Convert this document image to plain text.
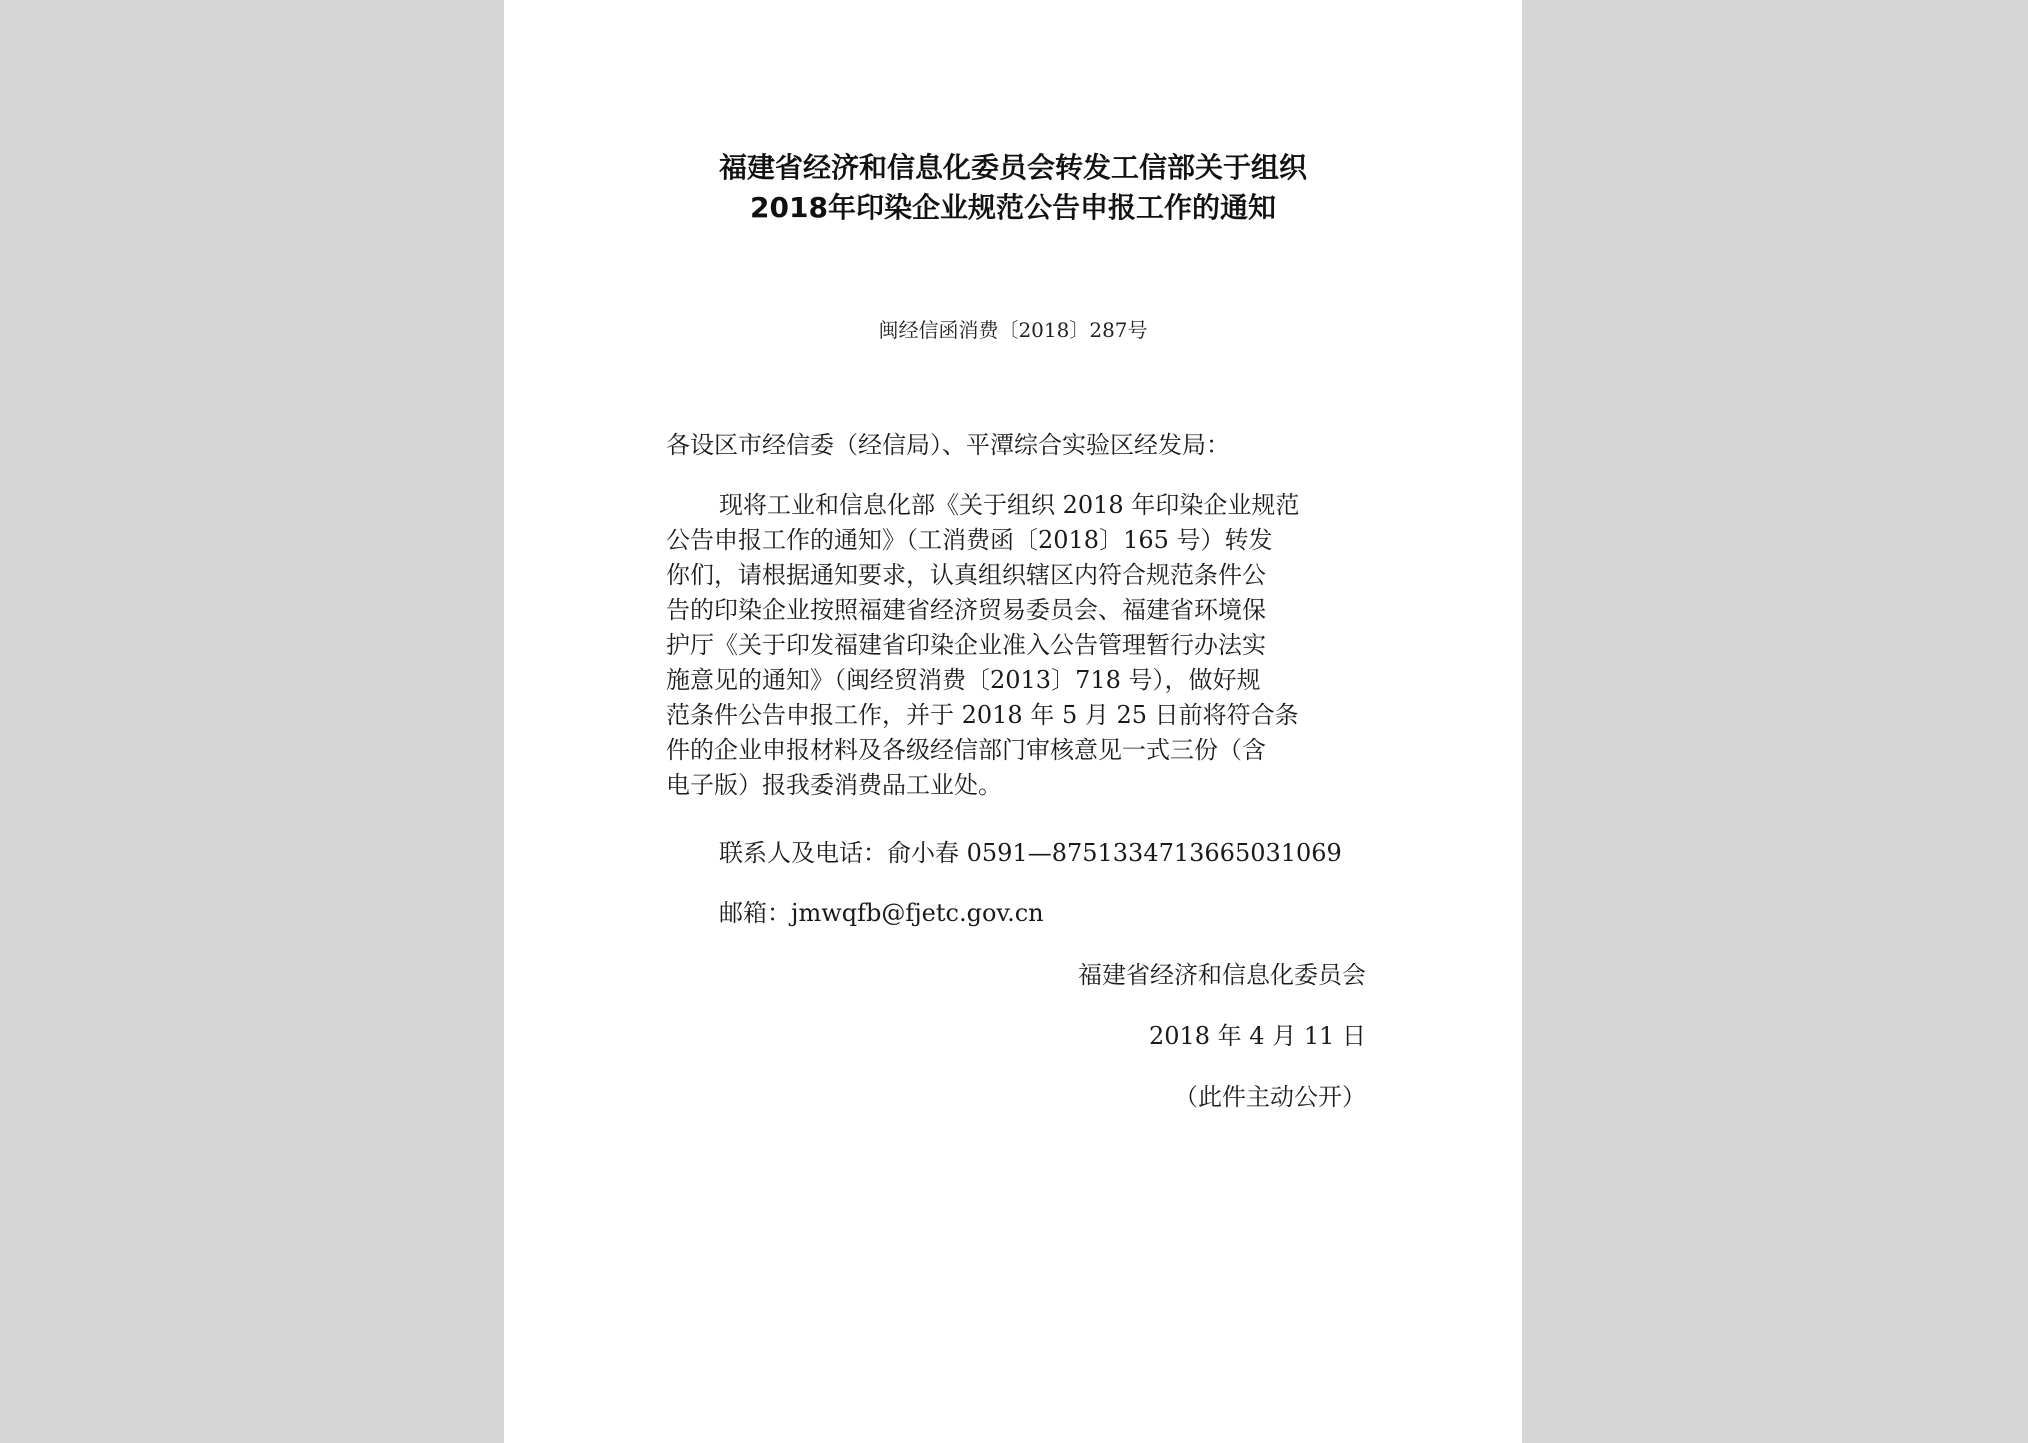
福建省经济和信息化委员会转发工信部关于组织
2018年印染企业规范公告申报工作的通知
闽经信函消费〔2018〕287号
各设区市经信委（经信局）、平潭综合实验区经发局：
现将工业和信息化部《关于组织 2018 年印染企业规范
公告申报工作的通知》（工消费函〔2018〕165 号）转发
你们，请根据通知要求，认真组织辖区内符合规范条件公
告的印染企业按照福建省经济贸易委员会、福建省环境保
护厅《关于印发福建省印染企业准入公告管理暂行办法实
施意见的通知》（闽经贸消费〔2013〕718 号），做好规
范条件公告申报工作，并于 2018 年 5 月 25 日前将符合条
件的企业申报材料及各级经信部门审核意见一式三份（含
电子版）报我委消费品工业处。
联系人及电话：俞小春 0591—8751334713665031069
邮箱：jmwqfb@fjetc.gov.cn
福建省经济和信息化委员会
2018 年 4 月 11 日
（此件主动公开）
